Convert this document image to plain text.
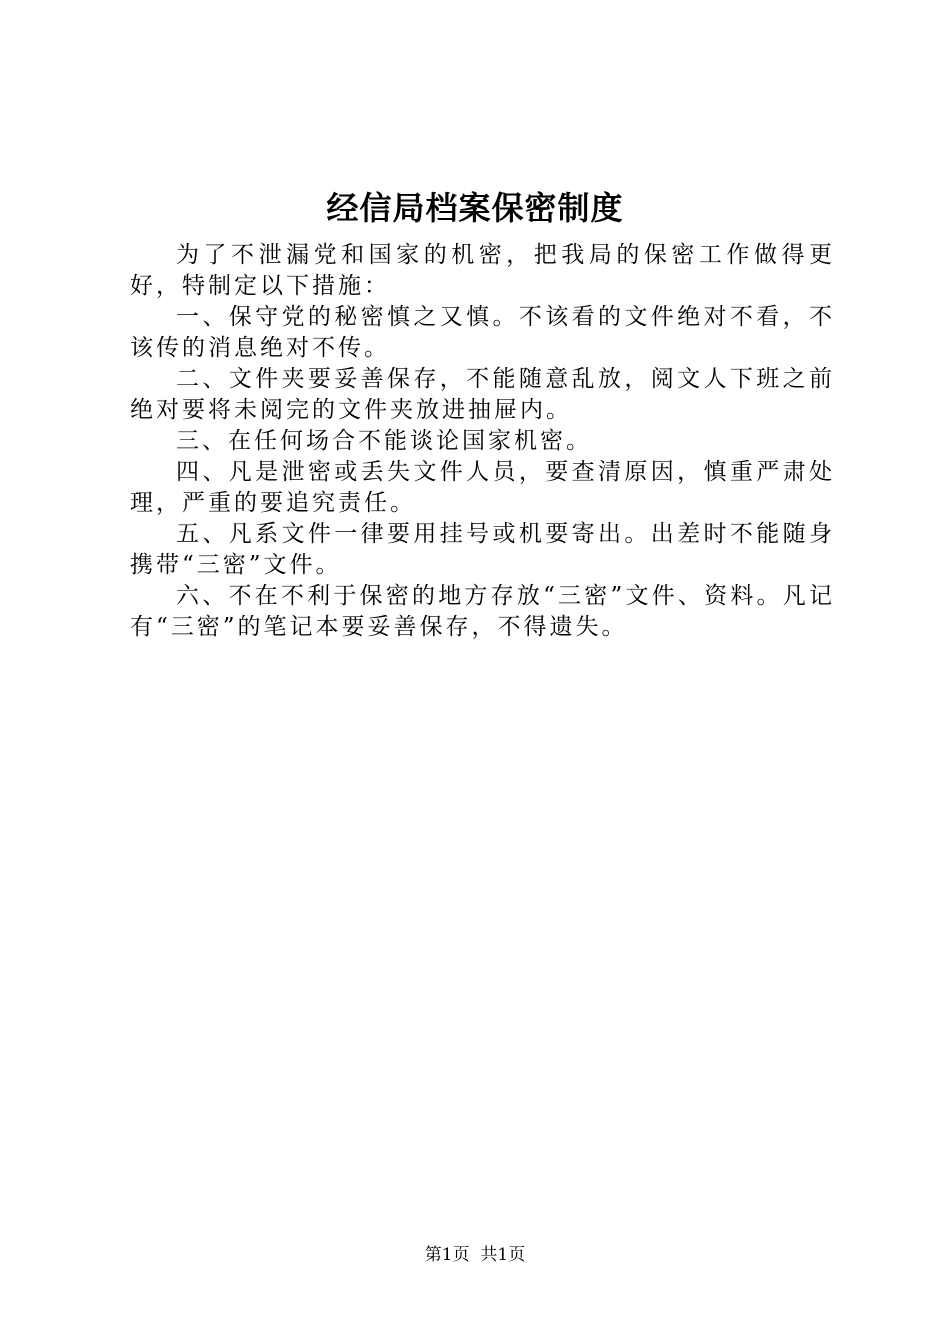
经信局档案保密制度

为了不泄漏党和国家的机密，把我局的保密工作做得更好，特制定以下措施：

一、保守党的秘密慎之又慎。不该看的文件绝对不看，不该传的消息绝对不传。

二、文件夹要妥善保存，不能随意乱放，阅文人下班之前绝对要将未阅完的文件夹放进抽屉内。

三、在任何场合不能谈论国家机密。

四、凡是泄密或丢失文件人员，要查清原因，慎重严肃处理，严重的要追究责任。

五、凡系文件一律要用挂号或机要寄出。出差时不能随身携带“三密”文件。

六、不在不利于保密的地方存放“三密”文件、资料。凡记有“三密”的笔记本要妥善保存，不得遗失。

第1页 共1页
